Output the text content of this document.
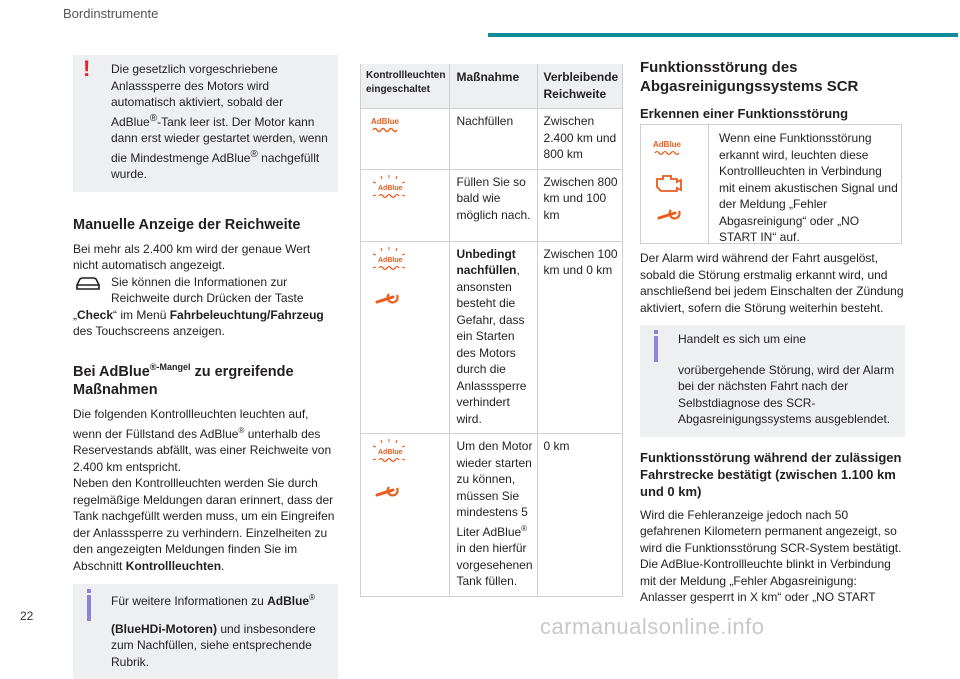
Bordinstrumente
! Die gesetzlich vorgeschriebene Anlasssperre des Motors wird automatisch aktiviert, sobald der AdBlue®-Tank leer ist. Der Motor kann dann erst wieder gestartet werden, wenn die Mindestmenge AdBlue® nachgefüllt wurde.
Manuelle Anzeige der Reichweite

Bei mehr als 2.400 km wird der genaue Wert nicht automatisch angezeigt.

Sie können die Informationen zur Reichweite durch Drücken der Taste „Check“ im Menü Fahrbeleuchtung/Fahrzeug des Touchscreens anzeigen.

Bei AdBlue$^{®-Mangel}$ zu ergreifende Maßnahmen

Die folgenden Kontrollleuchten leuchten auf, wenn der Füllstand des AdBlue® unterhalb des Reservestands abfällt, was einer Reichweite von 2.400 km entspricht.

Neben den Kontrollleuchten werden Sie durch regelmäßige Meldungen daran erinnert, dass der Tank nachgefüllt werden muss, um ein Eingreifen der Anlasssperre zu verhindern. Einzelheiten zu den angezeigten Meldungen finden Sie im Abschnitt Kontrollleuchten.

Für weitere Informationen zu AdBlue® (BlueHDi-Motoren) und insbesondere zum Nachfüllen, siehe entsprechende Rubrik.
Kontrollleuchten eingeschaltet	Maßnahme	Verbleibende Reichweite

AdBlue	Nachfüllen	Zwischen 2.400 km und 800 km

AdBlue	Füllen Sie so bald wie möglich nach.	Zwischen 800 km und 100 km

AdBlue	Unbedingt nachfüllen, ansonsten besteht die Gefahr, dass ein Starten des Motors durch die Anlasssperre verhindert wird.	Zwischen 100 km und 0 km

AdBlue	Um den Motor wieder starten zu können, müssen Sie mindestens 5 Liter AdBlue® in den hierfür vorgesehenen Tank füllen.	0 km
Funktionsstörung des Abgasreinigungssystems SCR
Erkennen einer Funktionsstörung
AdBlue	Wenn eine Funktionsstörung erkannt wird, leuchten diese Kontrollleuchten in Verbindung mit einem akustischen Signal und der Meldung „Fehler Abgasreinigung“ oder „NO START IN“ auf.

Der Alarm wird während der Fahrt ausgelöst, sobald die Störung erstmalig erkannt wird, und anschließend bei jedem Einschalten der Zündung aktiviert, sofern die Störung weiterhin besteht.

Handelt es sich um eine vorübergehende Störung, wird der Alarm bei der nächsten Fahrt nach der Selbstdiagnose des SCR-Abgasreinigungssystems ausgeblendet.
Funktionsstörung während der zulässigen Fahrstrecke bestätigt (zwischen 1.100 km und 0 km)

Wird die Fehleranzeige jedoch nach 50 gefahrenen Kilometern permanent angezeigt, so wird die Funktionsstörung SCR-System bestätigt.

Die AdBlue-Kontrollleuchte blinkt in Verbindung mit der Meldung „Fehler Abgasreinigung: Anlasser gesperrt in X km“ oder „NO START

22	carmanualsonline.info
